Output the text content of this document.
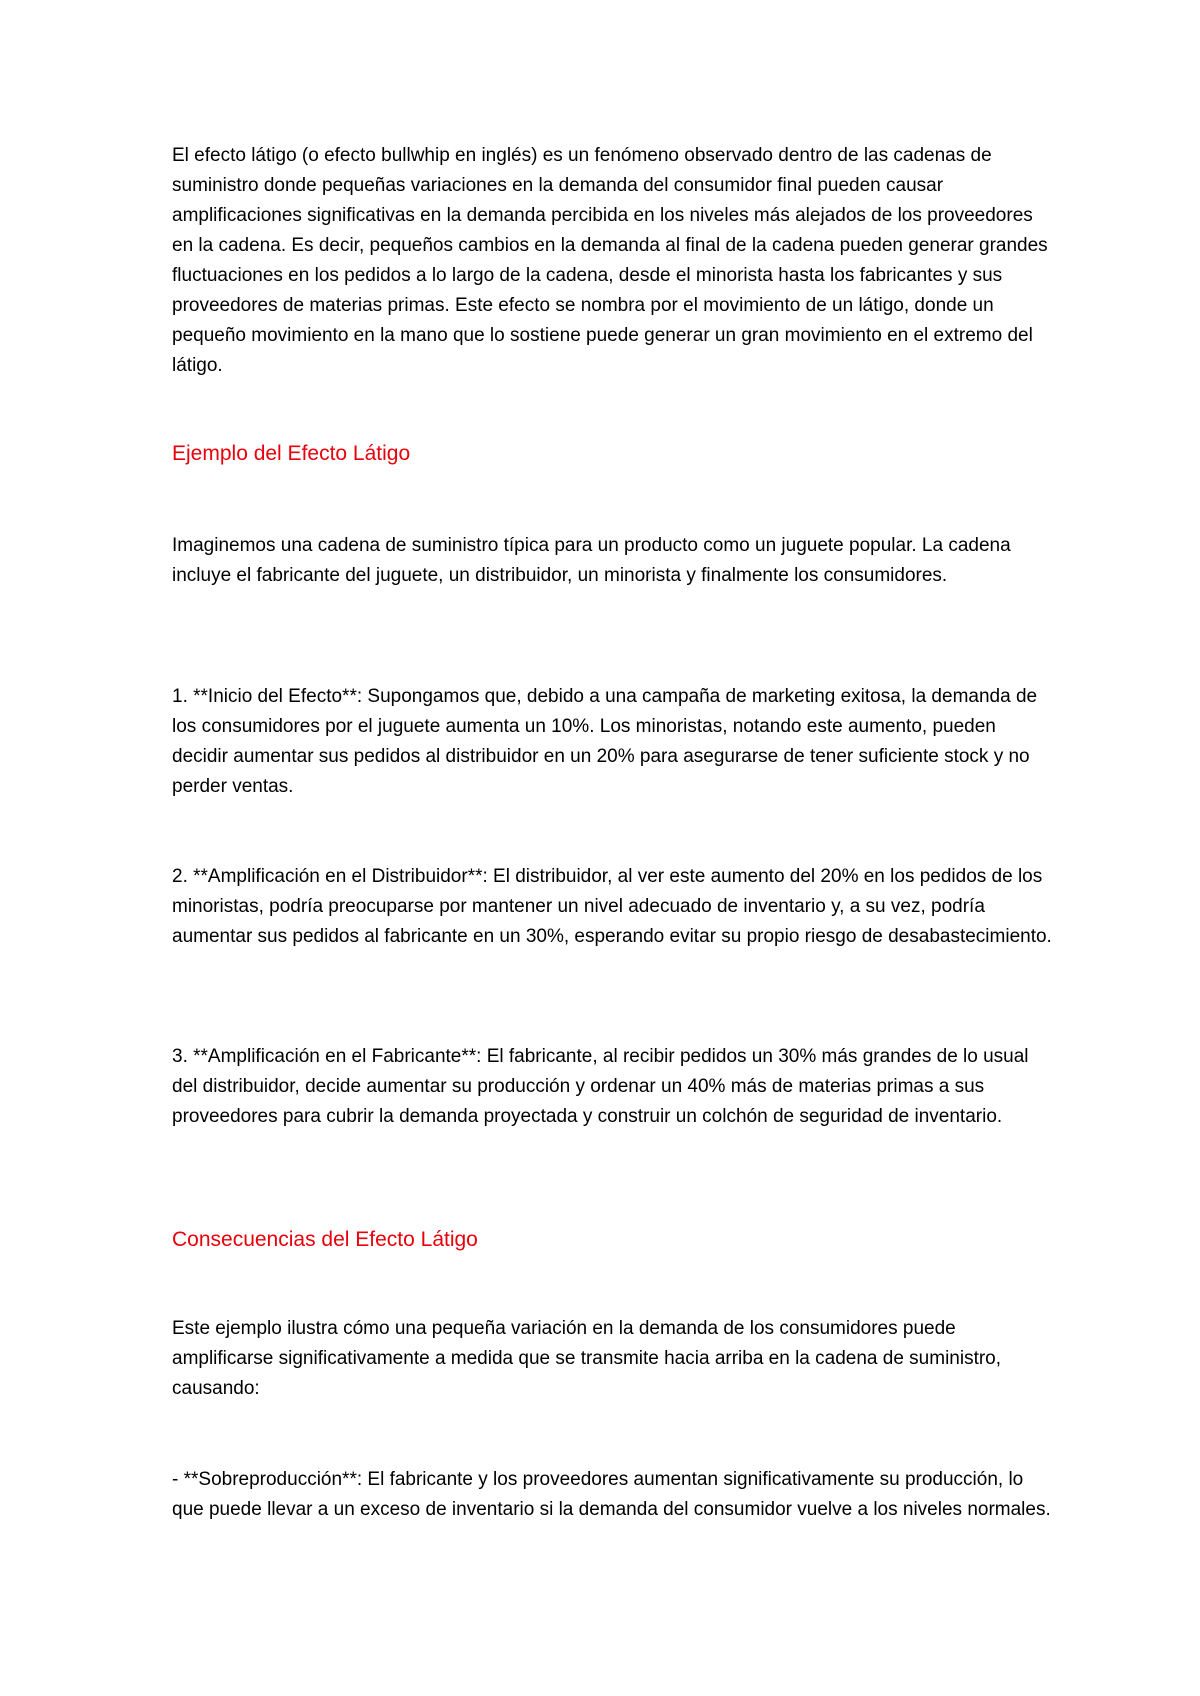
El efecto látigo (o efecto bullwhip en inglés) es un fenómeno observado dentro de las cadenas de suministro donde pequeñas variaciones en la demanda del consumidor final pueden causar amplificaciones significativas en la demanda percibida en los niveles más alejados de los proveedores en la cadena. Es decir, pequeños cambios en la demanda al final de la cadena pueden generar grandes fluctuaciones en los pedidos a lo largo de la cadena, desde el minorista hasta los fabricantes y sus proveedores de materias primas. Este efecto se nombra por el movimiento de un látigo, donde un pequeño movimiento en la mano que lo sostiene puede generar un gran movimiento en el extremo del látigo.

Ejemplo del Efecto Látigo

Imaginemos una cadena de suministro típica para un producto como un juguete popular. La cadena incluye el fabricante del juguete, un distribuidor, un minorista y finalmente los consumidores.

1. **Inicio del Efecto**: Supongamos que, debido a una campaña de marketing exitosa, la demanda de los consumidores por el juguete aumenta un 10%. Los minoristas, notando este aumento, pueden decidir aumentar sus pedidos al distribuidor en un 20% para asegurarse de tener suficiente stock y no perder ventas.

2. **Amplificación en el Distribuidor**: El distribuidor, al ver este aumento del 20% en los pedidos de los minoristas, podría preocuparse por mantener un nivel adecuado de inventario y, a su vez, podría aumentar sus pedidos al fabricante en un 30%, esperando evitar su propio riesgo de desabastecimiento.

3. **Amplificación en el Fabricante**: El fabricante, al recibir pedidos un 30% más grandes de lo usual del distribuidor, decide aumentar su producción y ordenar un 40% más de materias primas a sus proveedores para cubrir la demanda proyectada y construir un colchón de seguridad de inventario.

Consecuencias del Efecto Látigo

Este ejemplo ilustra cómo una pequeña variación en la demanda de los consumidores puede amplificarse significativamente a medida que se transmite hacia arriba en la cadena de suministro, causando:

- **Sobreproducción**: El fabricante y los proveedores aumentan significativamente su producción, lo que puede llevar a un exceso de inventario si la demanda del consumidor vuelve a los niveles normales.
